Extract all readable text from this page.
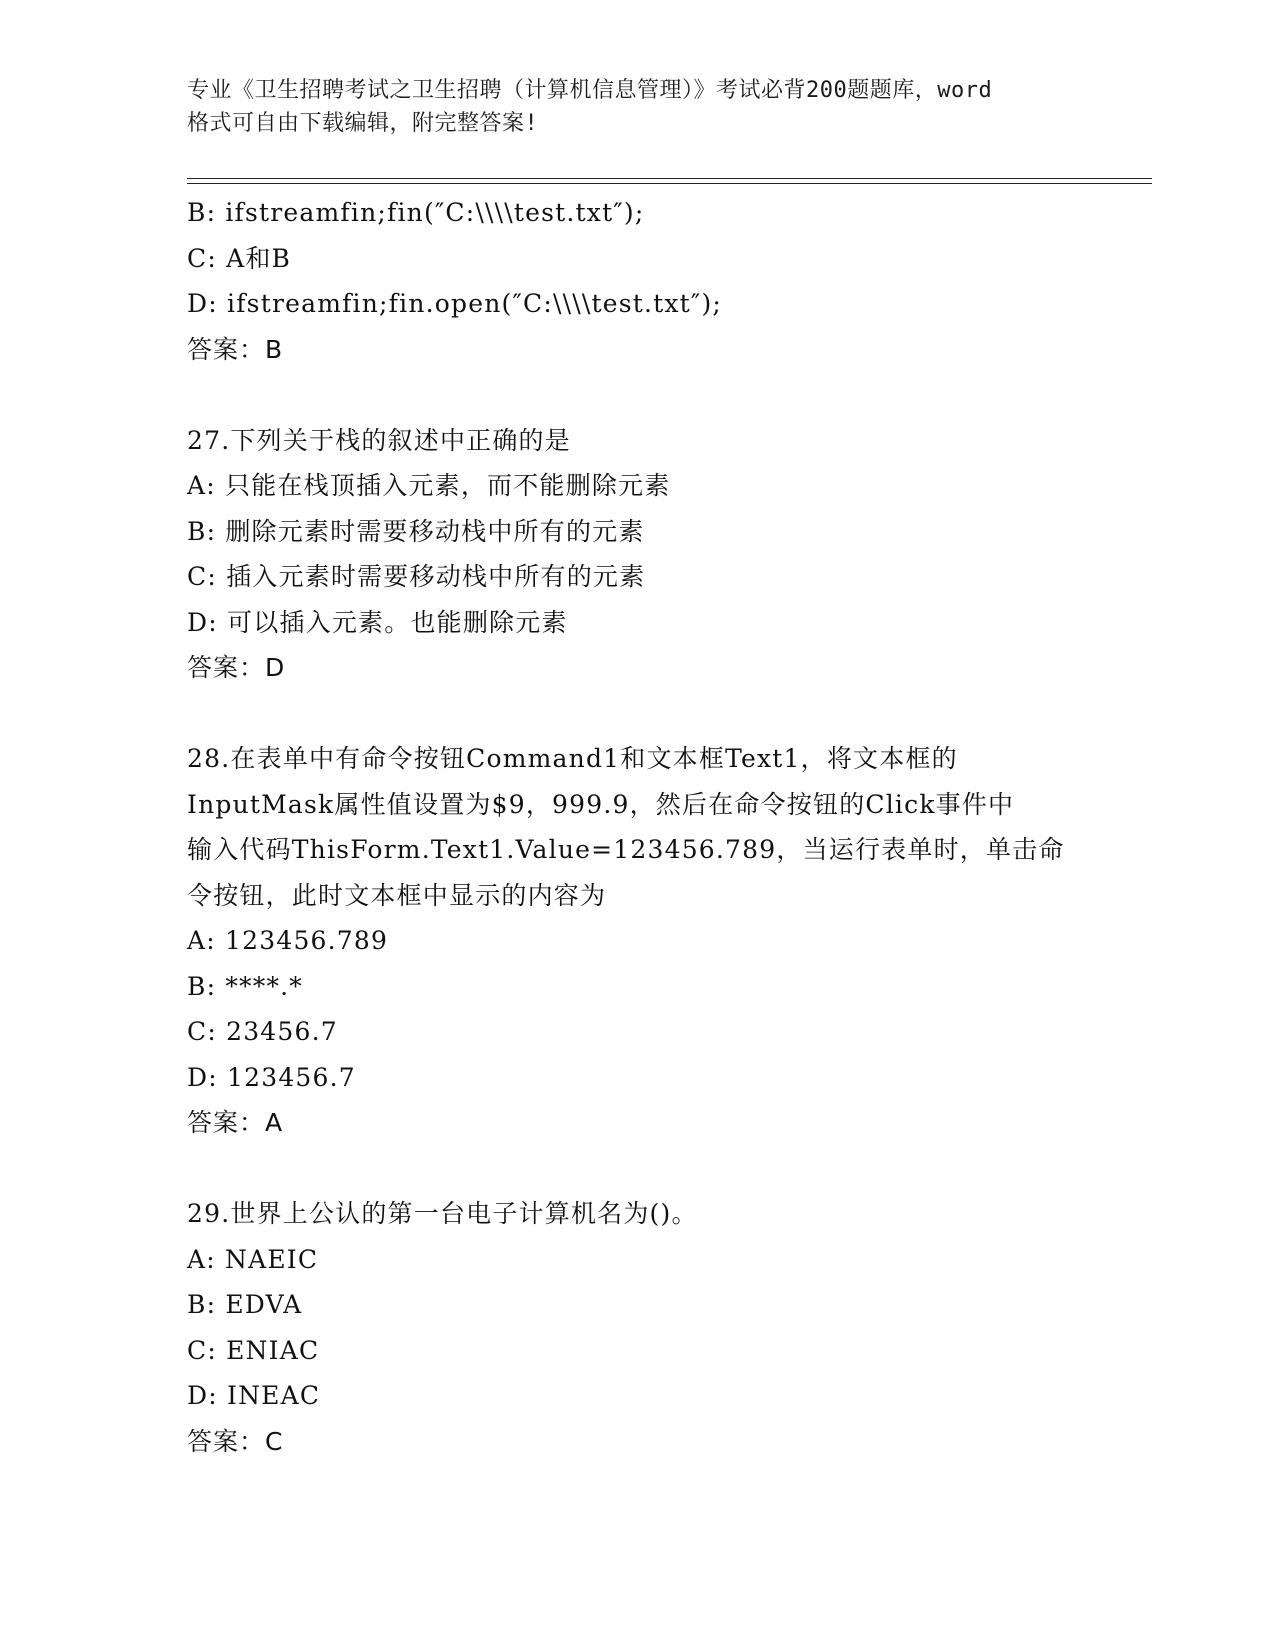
专业《卫生招聘考试之卫生招聘（计算机信息管理）》考试必背200题题库，word
格式可自由下载编辑，附完整答案!
B: ifstreamfin;fin(″C:\\\\test.txt″);
C: A和B
D: ifstreamfin;fin.open(″C:\\\\test.txt″);
答案：B
27.下列关于栈的叙述中正确的是
A: 只能在栈顶插入元素，而不能删除元素
B: 删除元素时需要移动栈中所有的元素
C: 插入元素时需要移动栈中所有的元素
D: 可以插入元素。也能删除元素
答案：D
28.在表单中有命令按钮Command1和文本框Text1，将文本框的
InputMask属性值设置为$9，999.9，然后在命令按钮的Click事件中
输入代码ThisForm.Text1.Value=123456.789，当运行表单时，单击命
令按钮，此时文本框中显示的内容为
A: 123456.789
B: ****.*
C: 23456.7
D: 123456.7
答案：A
29.世界上公认的第一台电子计算机名为()。
A: NAEIC
B: EDVA
C: ENIAC
D: INEAC
答案：C
